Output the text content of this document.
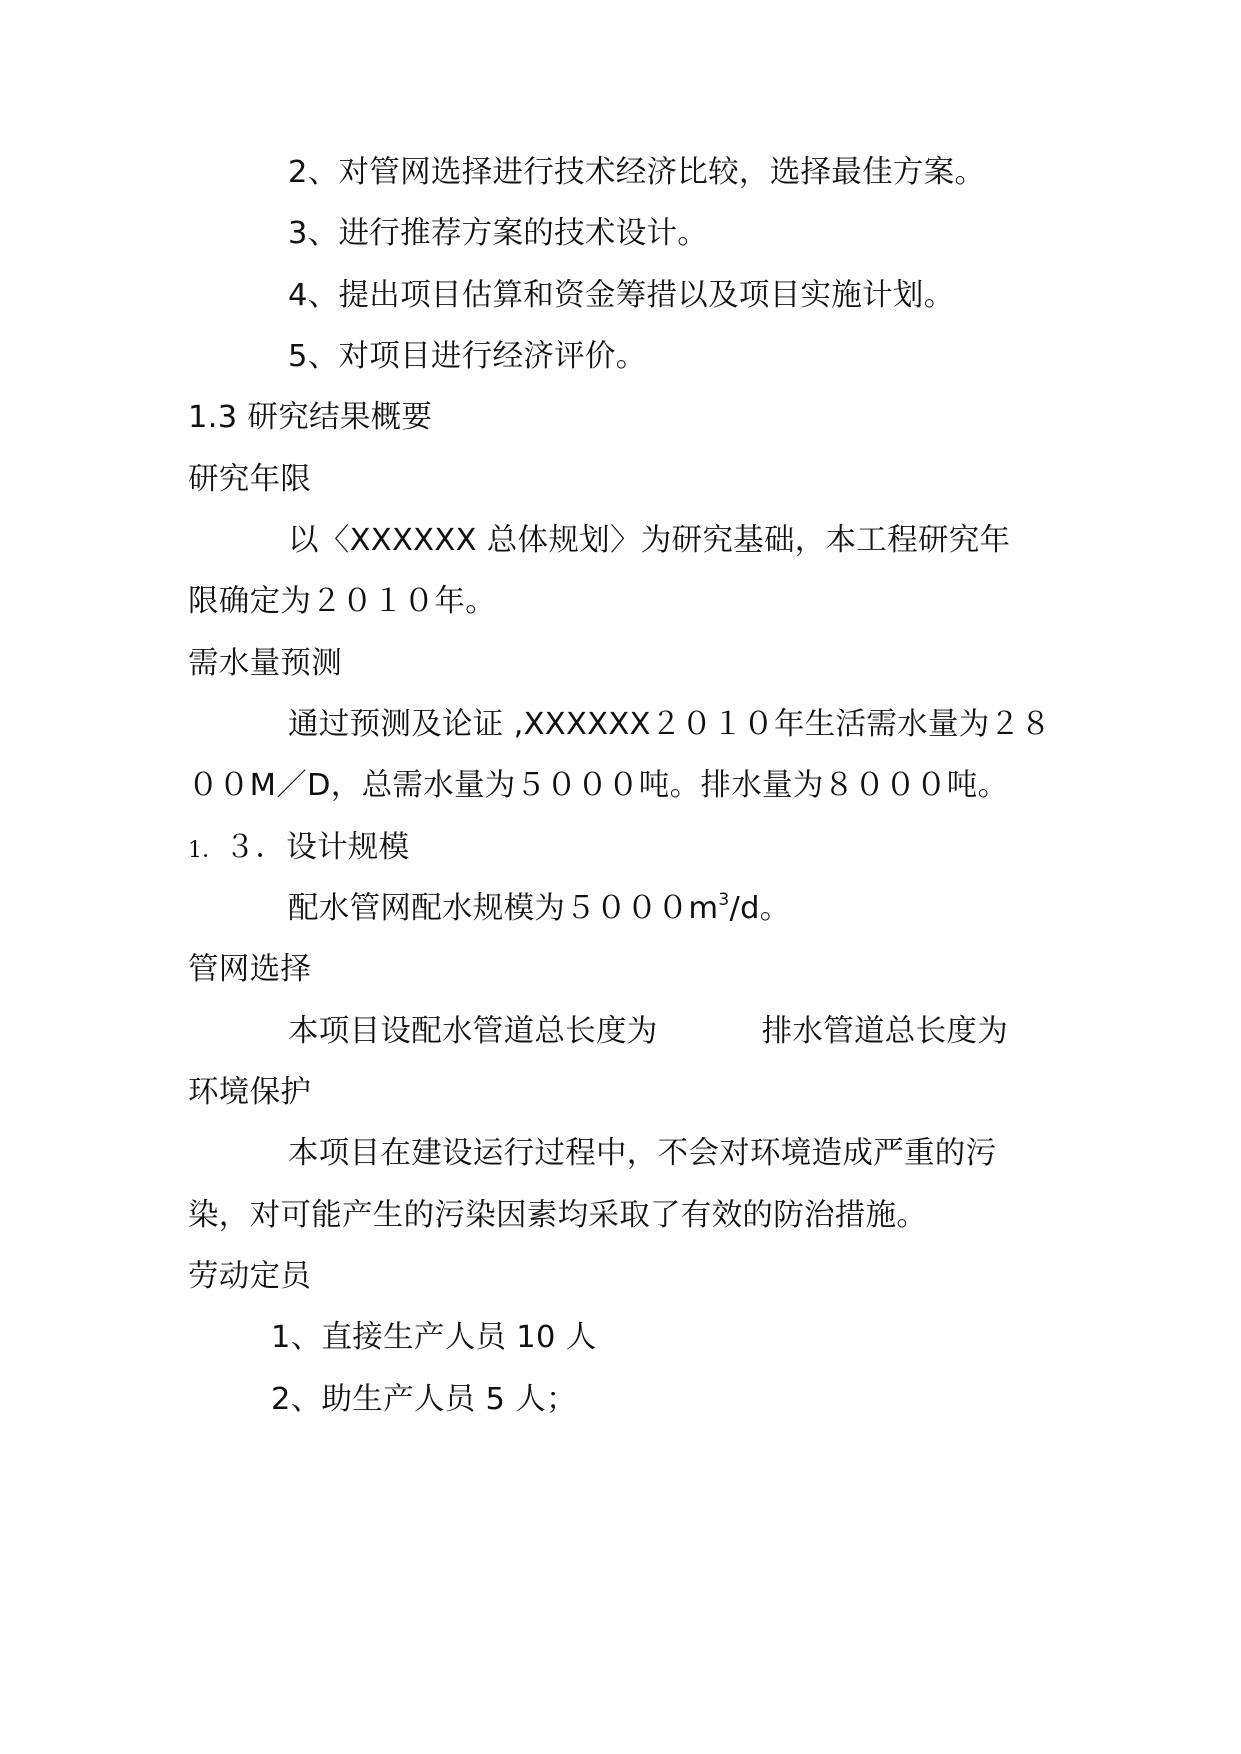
2、对管网选择进行技术经济比较，选择最佳方案。
3、进行推荐方案的技术设计。
4、提出项目估算和资金筹措以及项目实施计划。
5、对项目进行经济评价。
1.3 研究结果概要
研究年限
以〈XXXXXX 总体规划〉为研究基础，本工程研究年
限确定为２０１０年。
需水量预测
通过预测及论证 ,XXXXXX２０１０年生活需水量为２８
００M／D，总需水量为５０００吨。排水量为８０００吨。
1．３．设计规模
配水管网配水规模为$5000m^3/d$。
管网选择
本项目设配水管道总长度为	排水管道总长度为
环境保护
本项目在建设运行过程中，不会对环境造成严重的污
染，对可能产生的污染因素均采取了有效的防治措施。
劳动定员
1、直接生产人员 10 人
2、助生产人员 5 人；
